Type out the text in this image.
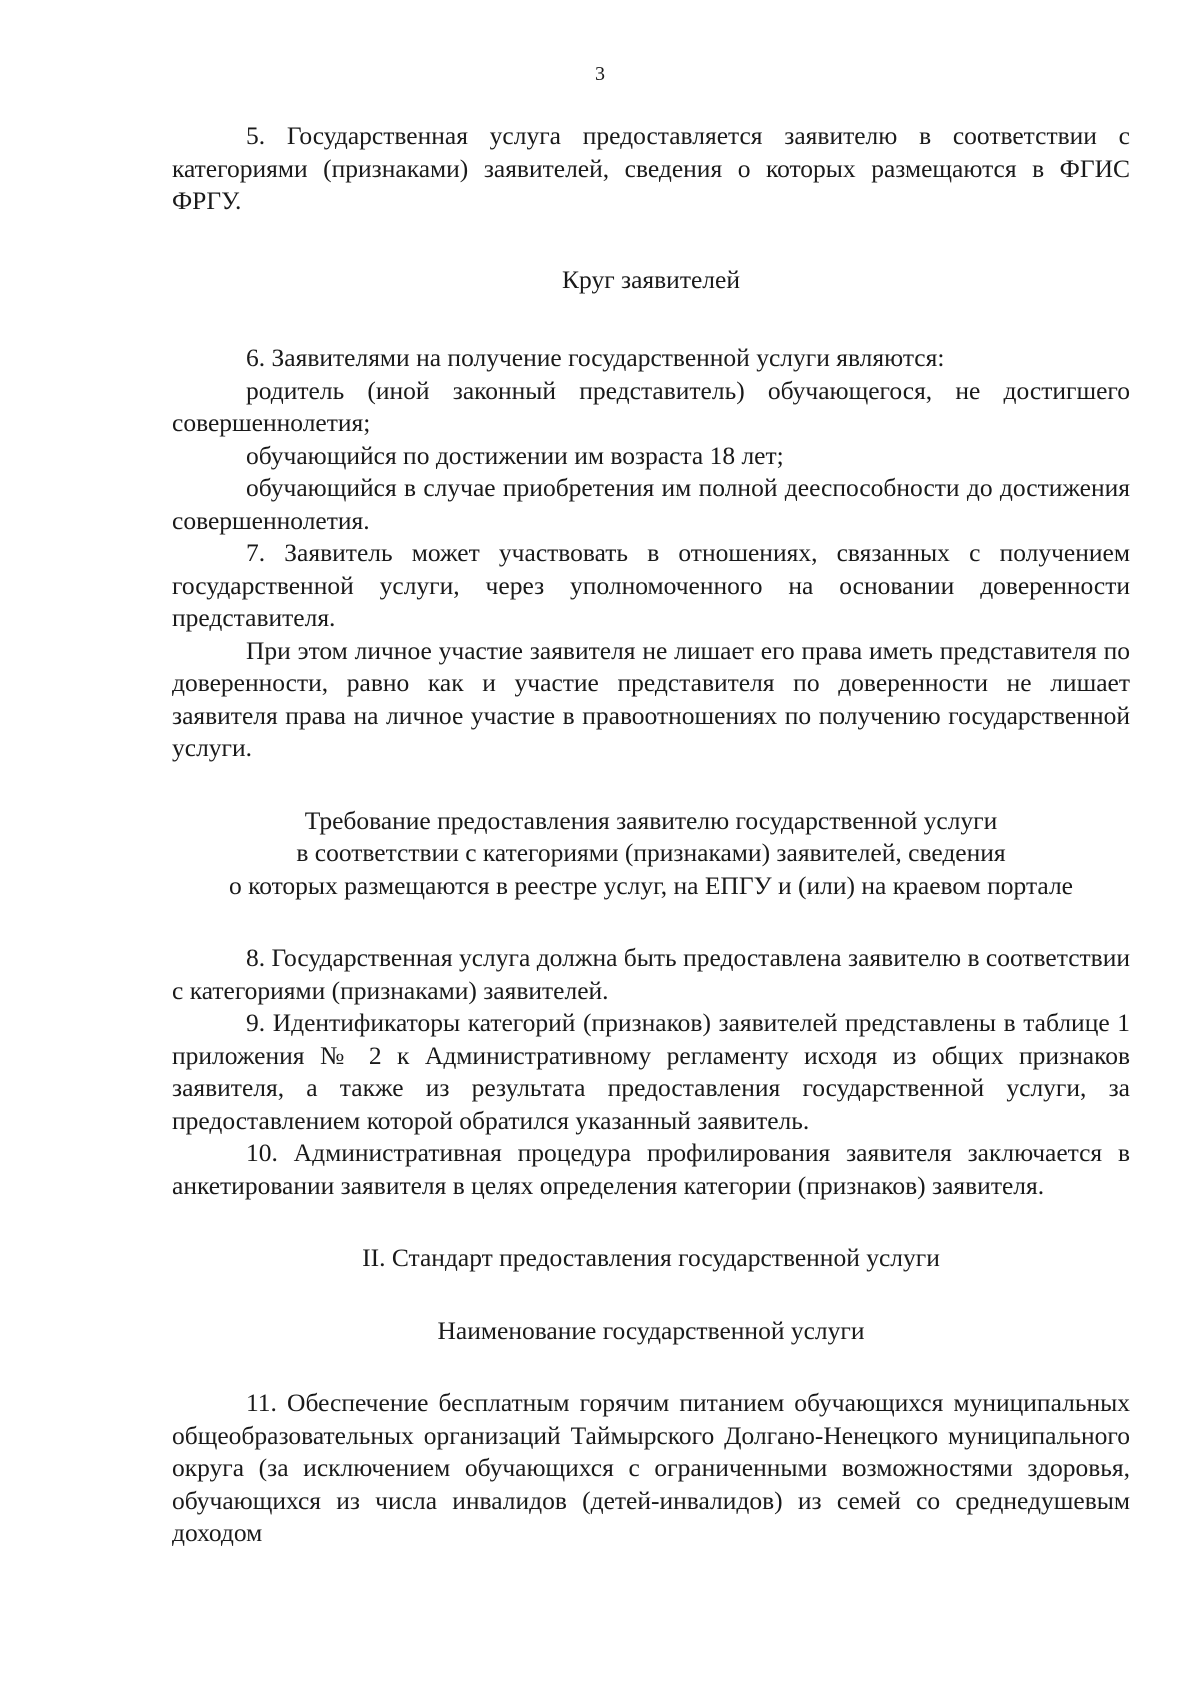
3

5. Государственная услуга предоставляется заявителю в соответствии с категориями (признаками) заявителей, сведения о которых размещаются в ФГИС ФРГУ.

Круг заявителей

6. Заявителями на получение государственной услуги являются:

родитель (иной законный представитель) обучающегося, не достигшего совершеннолетия;

обучающийся по достижении им возраста 18 лет;

обучающийся в случае приобретения им полной дееспособности до достижения совершеннолетия.

7. Заявитель может участвовать в отношениях, связанных с получением государственной услуги, через уполномоченного на основании доверенности представителя.

При этом личное участие заявителя не лишает его права иметь представителя по доверенности, равно как и участие представителя по доверенности не лишает заявителя права на личное участие в правоотношениях по получению государственной услуги.

Требование предоставления заявителю государственной услуги

в соответствии с категориями (признаками) заявителей, сведения

о которых размещаются в реестре услуг, на ЕПГУ и (или) на краевом портале

8. Государственная услуга должна быть предоставлена заявителю в соответствии с категориями (признаками) заявителей.

9. Идентификаторы категорий (признаков) заявителей представлены в таблице 1 приложения № 2 к Административному регламенту исходя из общих признаков заявителя, а также из результата предоставления государственной услуги, за предоставлением которой обратился указанный заявитель.

10. Административная процедура профилирования заявителя заключается в анкетировании заявителя в целях определения категории (признаков) заявителя.

II. Стандарт предоставления государственной услуги

Наименование государственной услуги

11. Обеспечение бесплатным горячим питанием обучающихся муниципальных общеобразовательных организаций Таймырского Долгано-Ненецкого муниципального округа (за исключением обучающихся с ограниченными возможностями здоровья, обучающихся из числа инвалидов (детей-инвалидов) из семей со среднедушевым доходом
